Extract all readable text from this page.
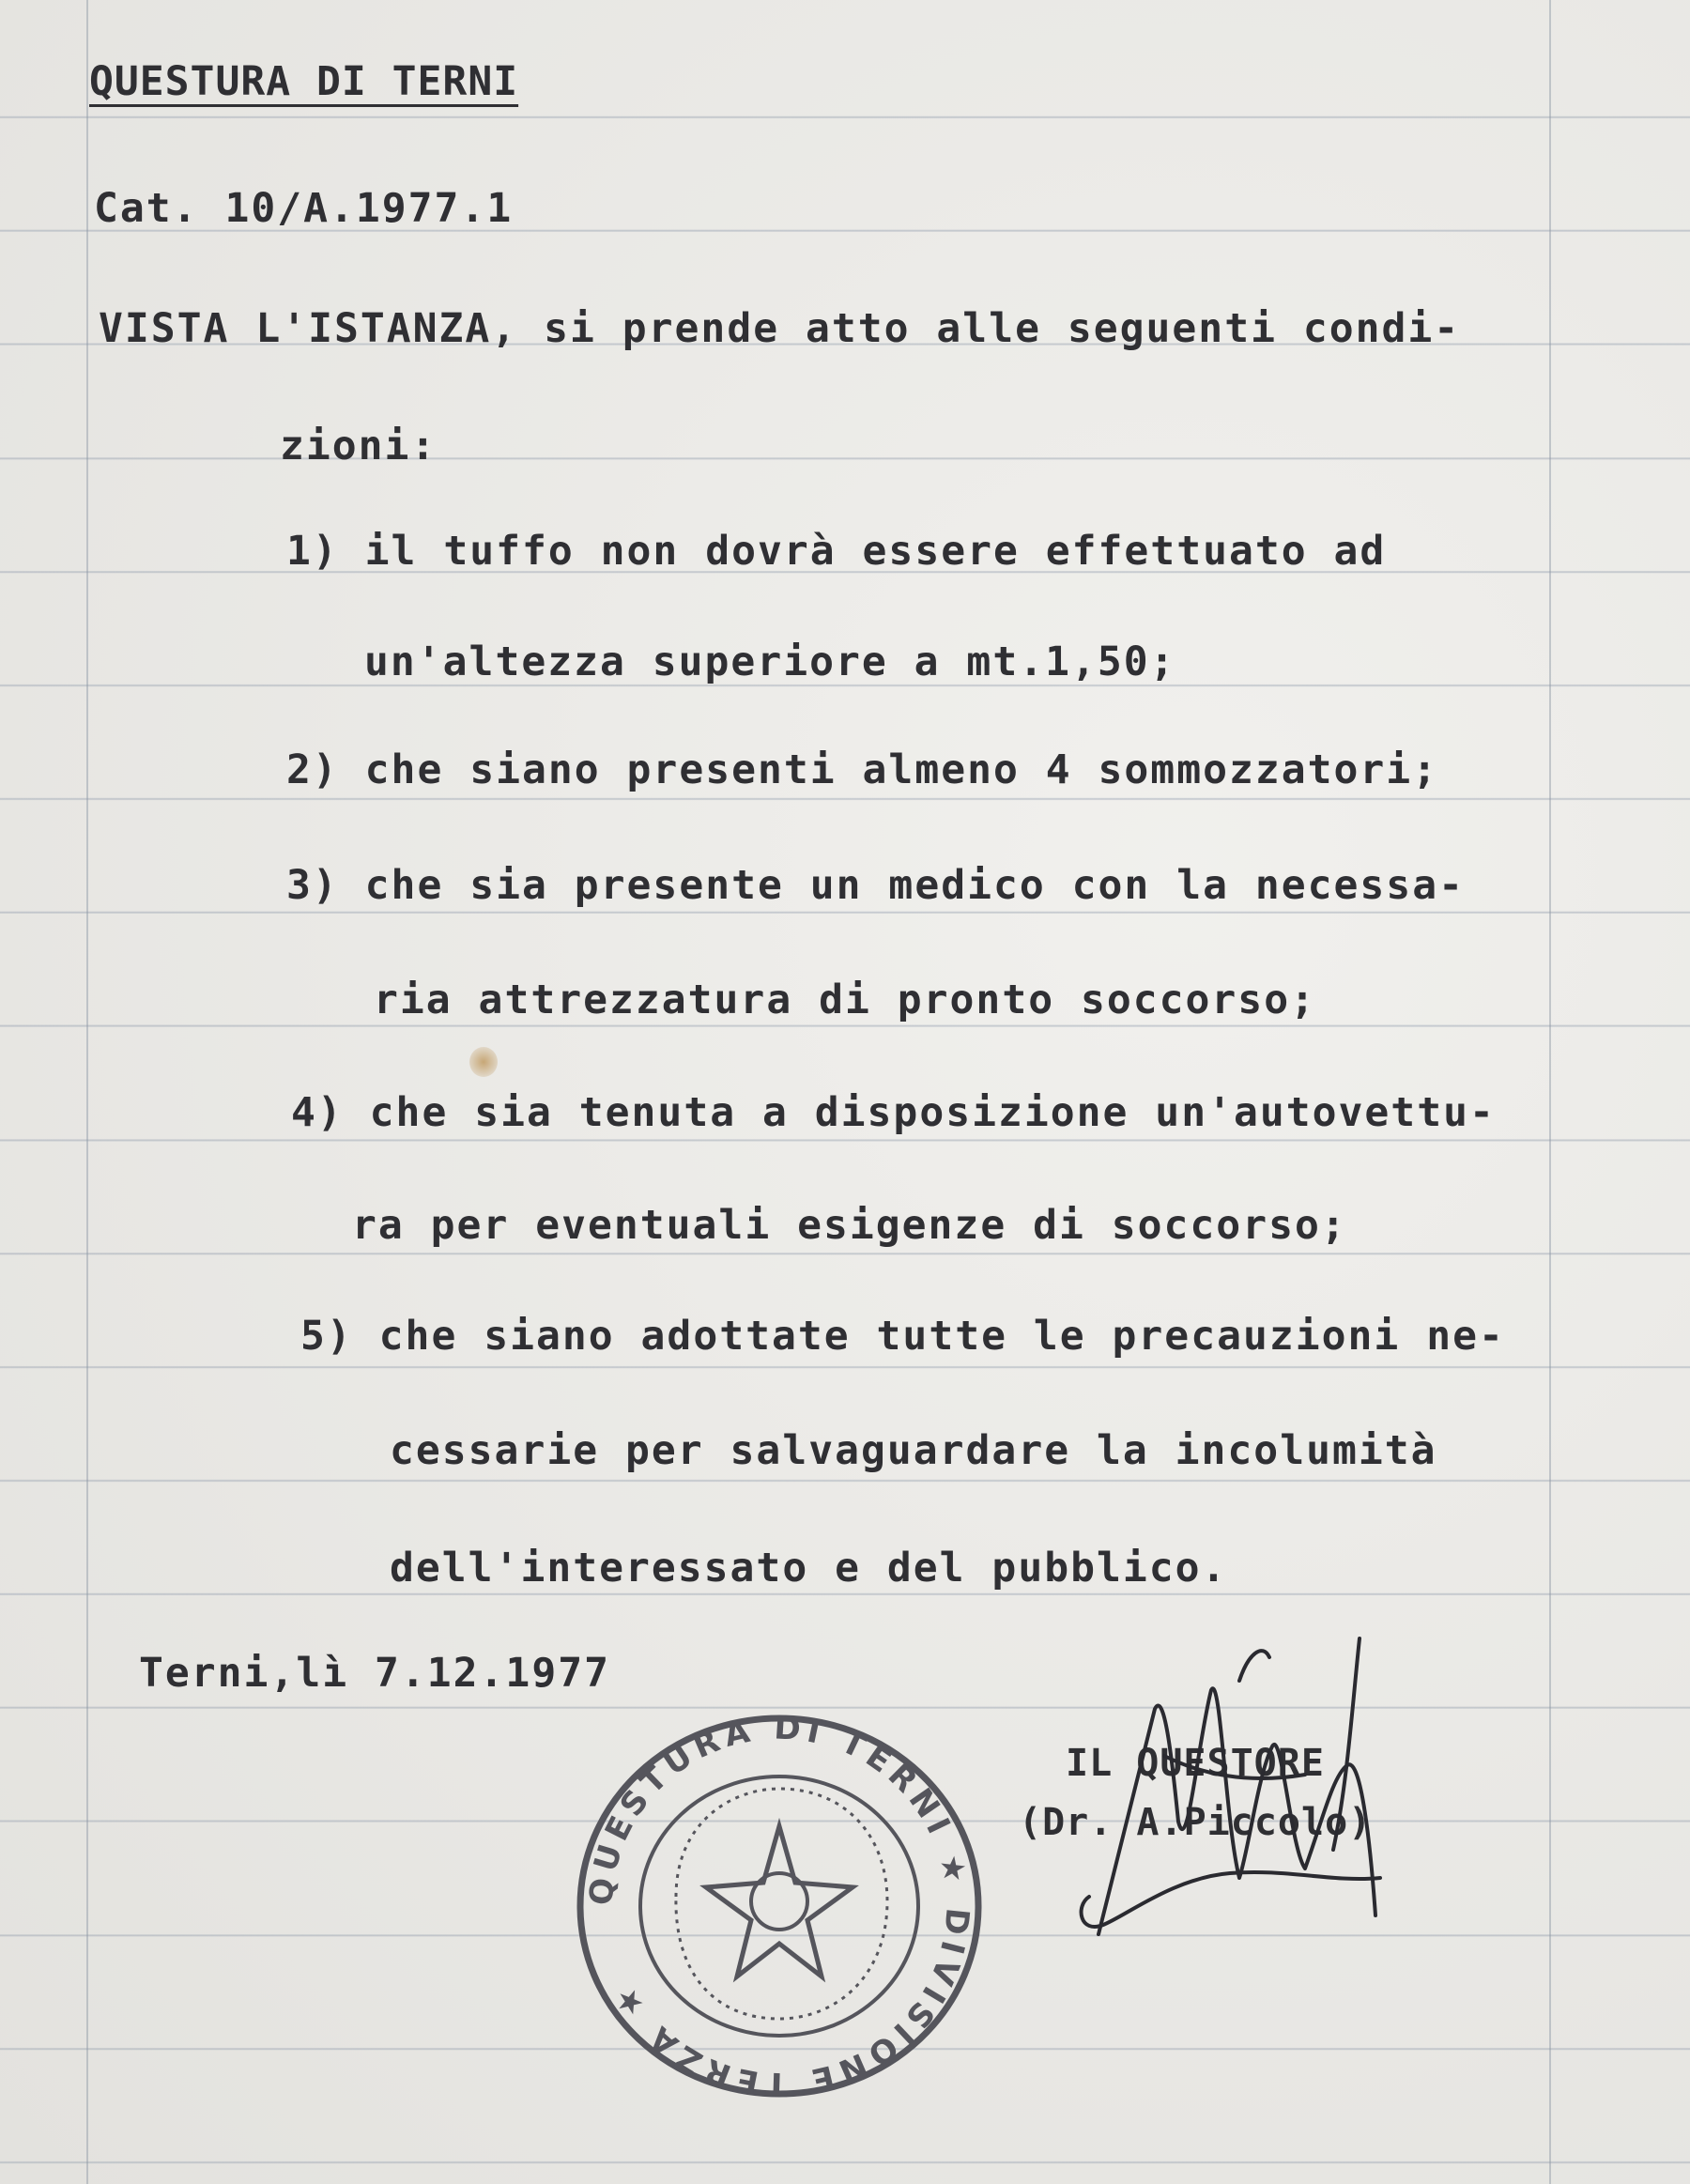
QUESTURA DI TERNI
Cat. 10/A.1977.1
VISTA L'ISTANZA, si prende atto alle seguenti condi-
zioni:
1) il tuffo non dovrà essere effettuato ad
un'altezza superiore a mt.1,50;
2) che siano presenti almeno 4 sommozzatori;
3) che sia presente un medico con la necessa-
ria attrezzatura di pronto soccorso;
4) che sia tenuta a disposizione un'autovettu-
ra per eventuali esigenze di soccorso;
5) che siano adottate tutte le precauzioni ne-
cessarie per salvaguardare la incolumità
dell'interessato e del pubblico.
Terni,lì 7.12.1977
QUESTURA DI TERNI ★ DIVISIONE TERZA ★
IL QUESTORE
(Dr. A.Piccolo)
